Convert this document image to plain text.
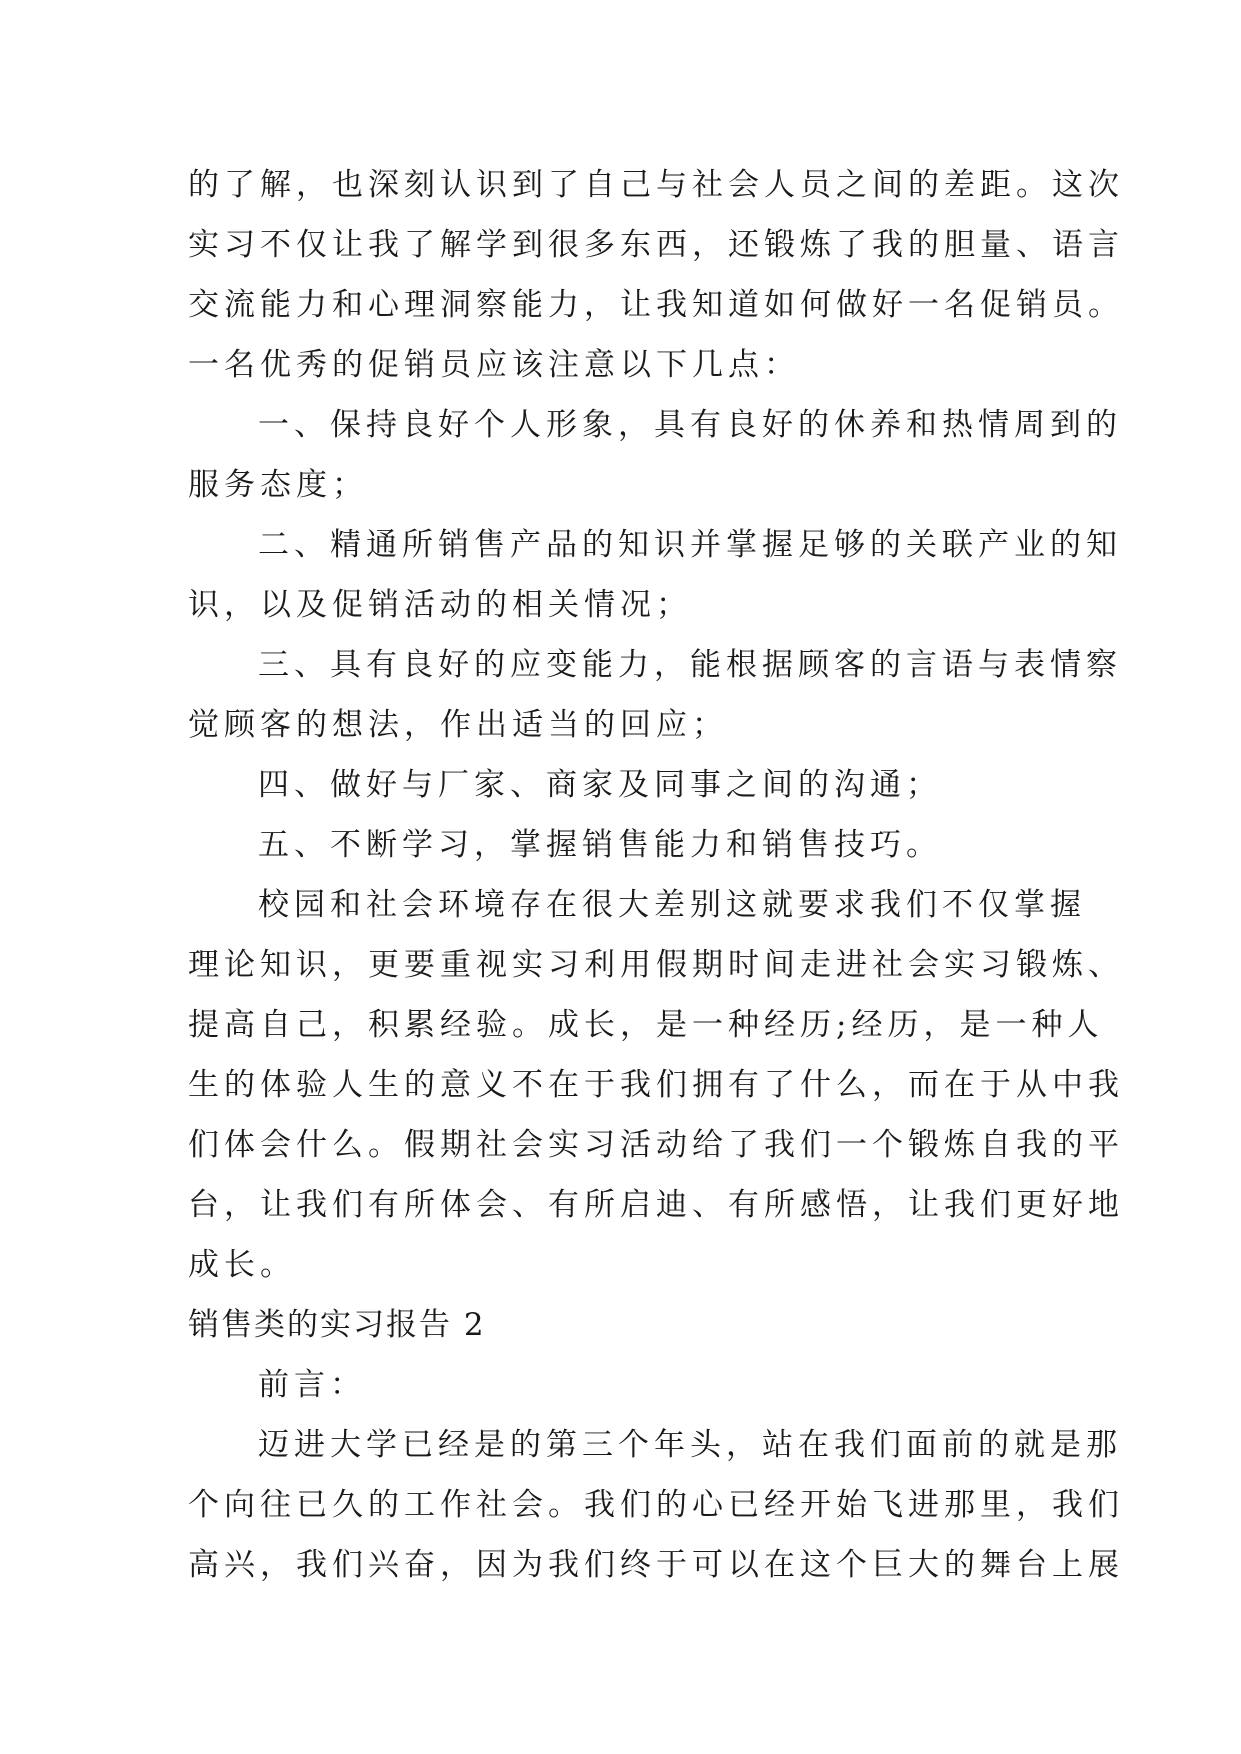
的了解，也深刻认识到了自己与社会人员之间的差距。这次
实习不仅让我了解学到很多东西，还锻炼了我的胆量、语言
交流能力和心理洞察能力，让我知道如何做好一名促销员。
一名优秀的促销员应该注意以下几点：
一、保持良好个人形象，具有良好的休养和热情周到的
服务态度；
二、精通所销售产品的知识并掌握足够的关联产业的知
识，以及促销活动的相关情况；
三、具有良好的应变能力，能根据顾客的言语与表情察
觉顾客的想法，作出适当的回应；
四、做好与厂家、商家及同事之间的沟通；
五、不断学习，掌握销售能力和销售技巧。
校园和社会环境存在很大差别这就要求我们不仅掌握
理论知识，更要重视实习利用假期时间走进社会实习锻炼、
提高自己，积累经验。成长，是一种经历;经历，是一种人
生的体验人生的意义不在于我们拥有了什么，而在于从中我
们体会什么。假期社会实习活动给了我们一个锻炼自我的平
台，让我们有所体会、有所启迪、有所感悟，让我们更好地
成长。
销售类的实习报告 2
前言：
迈进大学已经是的第三个年头，站在我们面前的就是那
个向往已久的工作社会。我们的心已经开始飞进那里，我们
高兴，我们兴奋，因为我们终于可以在这个巨大的舞台上展
